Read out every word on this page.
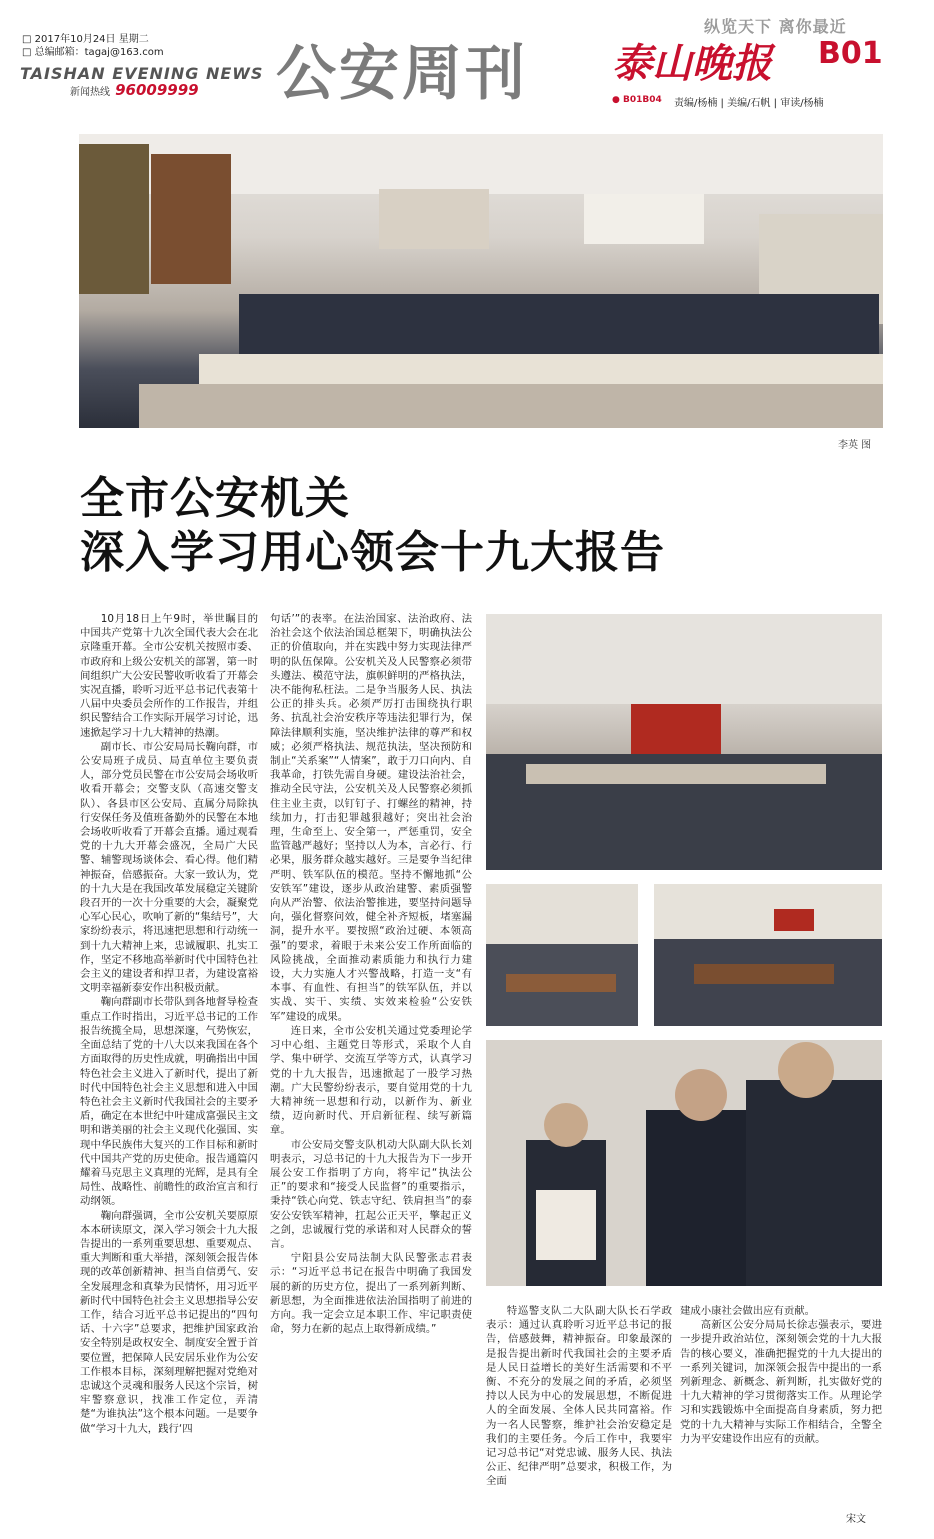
□ 2017年10月24日 星期二
□ 总编邮箱：tagaj@163.com
TAISHAN EVENING NEWS
新闻热线 96009999 公安周刊
纵览天下 离你最近
泰山晚报 B01
● B01B04 责编/杨楠 | 美编/石帆 | 审读/杨楠
李英 图
全市公安机关
深入学习用心领会十九大报告

10月18日上午9时，举世瞩目的中国共产党第十九次全国代表大会在北京隆重开幕。全市公安机关按照市委、市政府和上级公安机关的部署，第一时间组织广大公安民警收听收看了开幕会实况直播，聆听习近平总书记代表第十八届中央委员会所作的工作报告，并组织民警结合工作实际开展学习讨论，迅速掀起学习十九大精神的热潮。

副市长、市公安局局长鞠向群，市公安局班子成员、局直单位主要负责人，部分党员民警在市公安局会场收听收看开幕会；交警支队（高速交警支队）、各县市区公安局、直属分局除执行安保任务及值班备勤外的民警在本地会场收听收看了开幕会直播。通过观看党的十九大开幕会盛况，全局广大民警、辅警现场谈体会、看心得。他们精神振奋，倍感振奋。大家一致认为，党的十九大是在我国改革发展稳定关键阶段召开的一次十分重要的大会，凝聚党心军心民心，吹响了新的“集结号”，大家纷纷表示，将迅速把思想和行动统一到十九大精神上来，忠诚履职、扎实工作，坚定不移地高举新时代中国特色社会主义的建设者和捍卫者，为建设富裕文明幸福新泰安作出积极贡献。

鞠向群副市长带队到各地督导检查重点工作时指出，习近平总书记的工作报告统揽全局，思想深邃，气势恢宏，全面总结了党的十八大以来我国在各个方面取得的历史性成就，明确指出中国特色社会主义进入了新时代，提出了新时代中国特色社会主义思想和进入中国特色社会主义新时代我国社会的主要矛盾，确定在本世纪中叶建成富强民主文明和谐美丽的社会主义现代化强国、实现中华民族伟大复兴的工作目标和新时代中国共产党的历史使命。报告通篇闪耀着马克思主义真理的光辉，是具有全局性、战略性、前瞻性的政治宣言和行动纲领。

鞠向群强调，全市公安机关要原原本本研读原文，深入学习领会十九大报告提出的一系列重要思想、重要观点、重大判断和重大举措，深刻领会报告体现的改革创新精神、担当自信勇气、安全发展理念和真挚为民情怀，用习近平新时代中国特色社会主义思想指导公安工作，结合习近平总书记提出的“四句话、十六字”总要求，把维护国家政治安全特别是政权安全、制度安全置于首要位置，把保障人民安居乐业作为公安工作根本目标，深刻理解把握对党绝对忠诚这个灵魂和服务人民这个宗旨，树牢警察意识，找准工作定位，弄清楚“为谁执法”这个根本问题。一是要争做“学习十九大，践行‘四

句话’”的表率。在法治国家、法治政府、法治社会这个依法治国总框架下，明确执法公正的价值取向，并在实践中努力实现法律严明的队伍保障。公安机关及人民警察必须带头遵法、模范守法，旗帜鲜明的严格执法，决不能徇私枉法。二是争当服务人民、执法公正的排头兵。必须严厉打击围绕执行职务、抗乱社会治安秩序等违法犯罪行为，保障法律顺利实施，坚决维护法律的尊严和权威；必须严格执法、规范执法，坚决预防和制止“关系案”“人情案”，敢于刀口向内、自我革命，打铁先需自身硬。建设法治社会，推动全民守法，公安机关及人民警察必须抓住主业主责，以钉钉子、打螺丝的精神，持续加力，打击犯罪越狠越好；突出社会治理，生命至上、安全第一，严惩重罚，安全监管越严越好；坚持以人为本，言必行、行必果，服务群众越实越好。三是要争当纪律严明、铁军队伍的模范。坚持不懈地抓“公安铁军”建设，逐步从政治建警、素质强警向从严治警、依法治警推进，要坚持问题导向，强化督察问效，健全补齐短板，堵塞漏洞，提升水平。要按照“政治过硬、本领高强”的要求，着眼于未来公安工作所面临的风险挑战，全面推动素质能力和执行力建设，大力实施人才兴警战略，打造一支“有本事、有血性、有担当”的铁军队伍，并以实战、实干、实绩、实效来检验“公安铁军”建设的成果。

连日来，全市公安机关通过党委理论学习中心组、主题党日等形式，采取个人自学、集中研学、交流互学等方式，认真学习党的十九大报告，迅速掀起了一股学习热潮。广大民警纷纷表示，要自觉用党的十九大精神统一思想和行动，以新作为、新业绩，迈向新时代、开启新征程、续写新篇章。

市公安局交警支队机动大队副大队长刘明表示，习总书记的十九大报告为下一步开展公安工作指明了方向，将牢记“执法公正”的要求和“接受人民监督”的重要指示，秉持“铁心向党、铁志守纪、铁肩担当”的泰安公安铁军精神，扛起公正天平，擎起正义之剑，忠诚履行党的承诺和对人民群众的誓言。

宁阳县公安局法制大队民警张志君表示：“习近平总书记在报告中明确了我国发展的新的历史方位，提出了一系列新判断、新思想，为全面推进依法治国指明了前进的方向。我一定会立足本职工作、牢记职责使命，努力在新的起点上取得新成绩。”

特巡警支队二大队副大队长石学政表示：通过认真聆听习近平总书记的报告，倍感鼓舞，精神振奋。印象最深的是报告提出新时代我国社会的主要矛盾是人民日益增长的美好生活需要和不平衡、不充分的发展之间的矛盾，必须坚持以人民为中心的发展思想，不断促进人的全面发展、全体人民共同富裕。作为一名人民警察，维护社会治安稳定是我们的主要任务。今后工作中，我要牢记习总书记“对党忠诚、服务人民、执法公正、纪律严明”总要求，积极工作，为全面

建成小康社会做出应有贡献。

高新区公安分局局长徐志强表示，要进一步提升政治站位，深刻领会党的十九大报告的核心要义，准确把握党的十九大提出的一系列关键词，加深领会报告中提出的一系列新理念、新概念、新判断，扎实做好党的十九大精神的学习贯彻落实工作。从理论学习和实践锻炼中全面提高自身素质，努力把党的十九大精神与实际工作相结合，全警全力为平安建设作出应有的贡献。

宋文
